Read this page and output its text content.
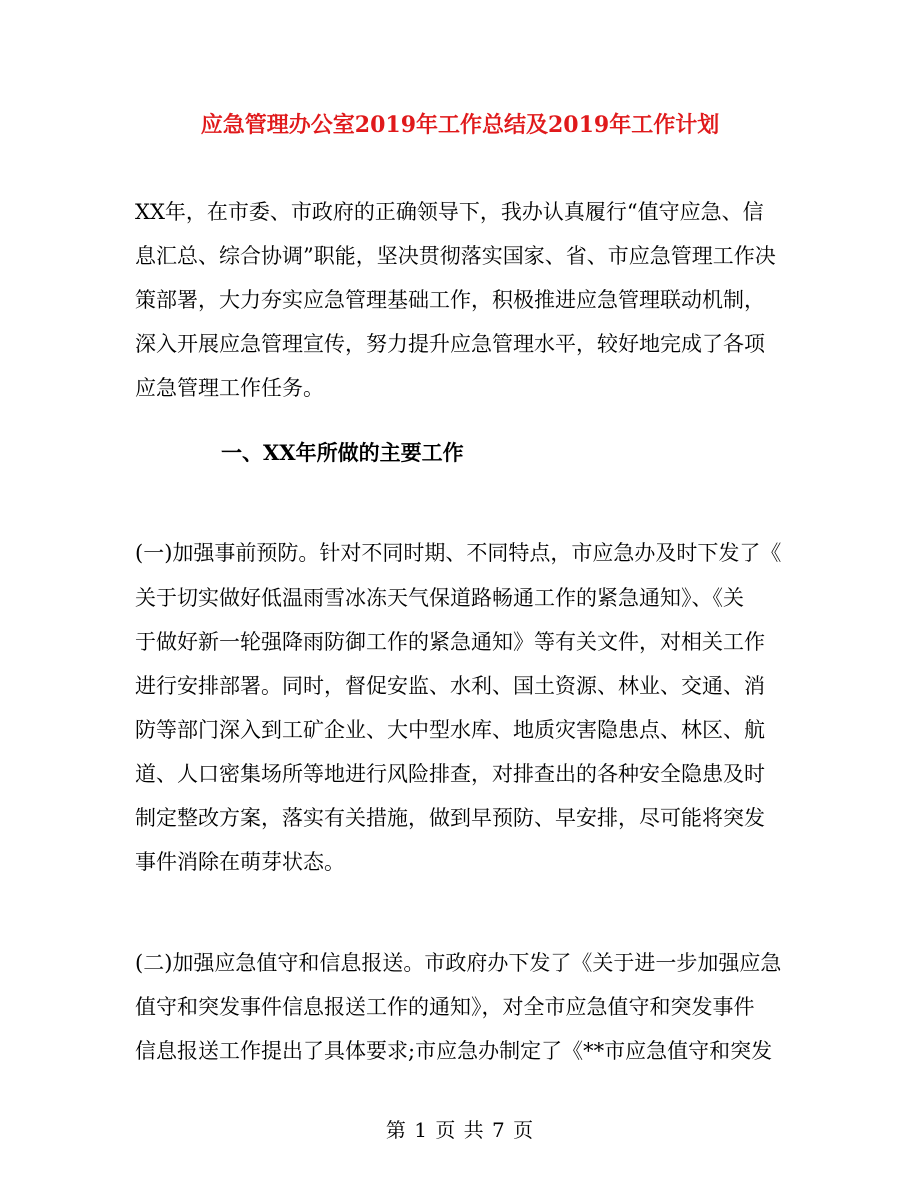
应急管理办公室2019年工作总结及2019年工作计划
XX年，在市委、市政府的正确领导下，我办认真履行“值守应急、信
息汇总、综合协调”职能，坚决贯彻落实国家、省、市应急管理工作决
策部署，大力夯实应急管理基础工作，积极推进应急管理联动机制，
深入开展应急管理宣传，努力提升应急管理水平，较好地完成了各项
应急管理工作任务。
一、XX年所做的主要工作
(一)加强事前预防。针对不同时期、不同特点，市应急办及时下发了《
关于切实做好低温雨雪冰冻天气保道路畅通工作的紧急通知》、《关
于做好新一轮强降雨防御工作的紧急通知》等有关文件，对相关工作
进行安排部署。同时，督促安监、水利、国土资源、林业、交通、消
防等部门深入到工矿企业、大中型水库、地质灾害隐患点、林区、航
道、人口密集场所等地进行风险排查，对排查出的各种安全隐患及时
制定整改方案，落实有关措施，做到早预防、早安排，尽可能将突发
事件消除在萌芽状态。
(二)加强应急值守和信息报送。市政府办下发了《关于进一步加强应急
值守和突发事件信息报送工作的通知》，对全市应急值守和突发事件
信息报送工作提出了具体要求;市应急办制定了《**市应急值守和突发
第 1 页 共 7 页
